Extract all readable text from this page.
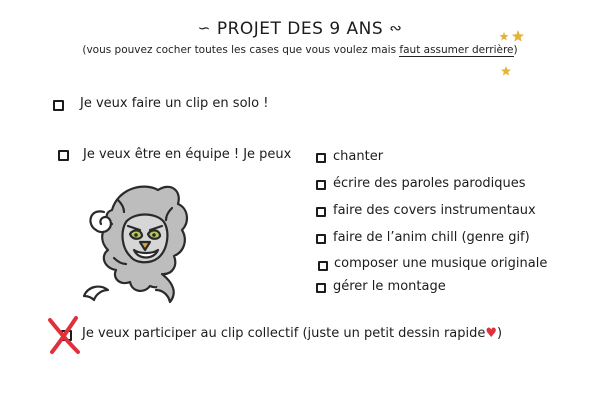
∽ PROJET DES 9 ANS ∾
(vous pouvez cocher toutes les cases que vous voulez mais faut assumer derrière)
Je veux faire un clip en solo !
Je veux être en équipe ! Je peux	chanter
écrire des paroles parodiques
faire des covers instrumentaux
faire de l’anim chill (genre gif)
composer une musique originale
gérer le montage
Je veux participer au clip collectif (juste un petit dessin rapide♥)
